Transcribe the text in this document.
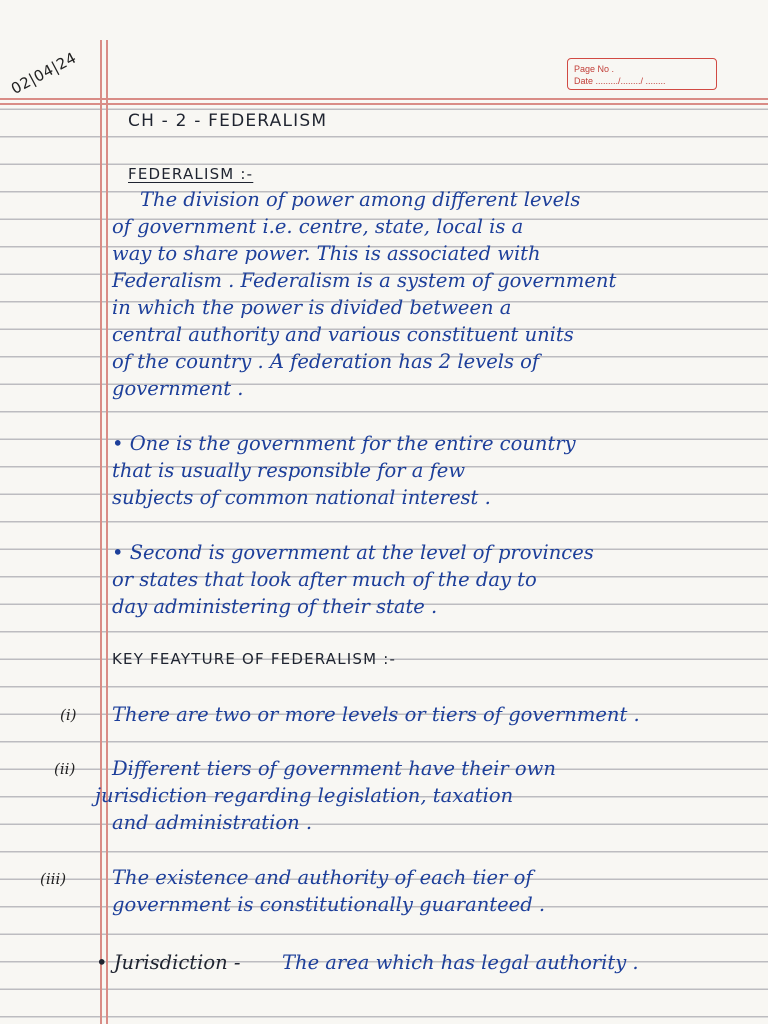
Page No .
Date ........./......../ ........
02|04|24
CH - 2 - FEDERALISM
FEDERALISM :-
The division of power among different levels
of government i.e. centre, state, local is a
way to share power. This is associated with
Federalism . Federalism is a system of government
in which the power is divided between a
central authority and various constituent units
of the country . A federation has 2 levels of
government .
• One is the government for the entire country
that is usually responsible for a few
subjects of common national interest .
• Second is government at the level of provinces
or states that look after much of the day to
day administering of their state .
KEY FEAYTURE OF FEDERALISM :-
(i) There are two or more levels or tiers of government .
(ii) Different tiers of government have their own
jurisdiction regarding legislation, taxation
and administration .
(iii) The existence and authority of each tier of
government is constitutionally guaranteed .
• Jurisdiction - The area which has legal authority .
